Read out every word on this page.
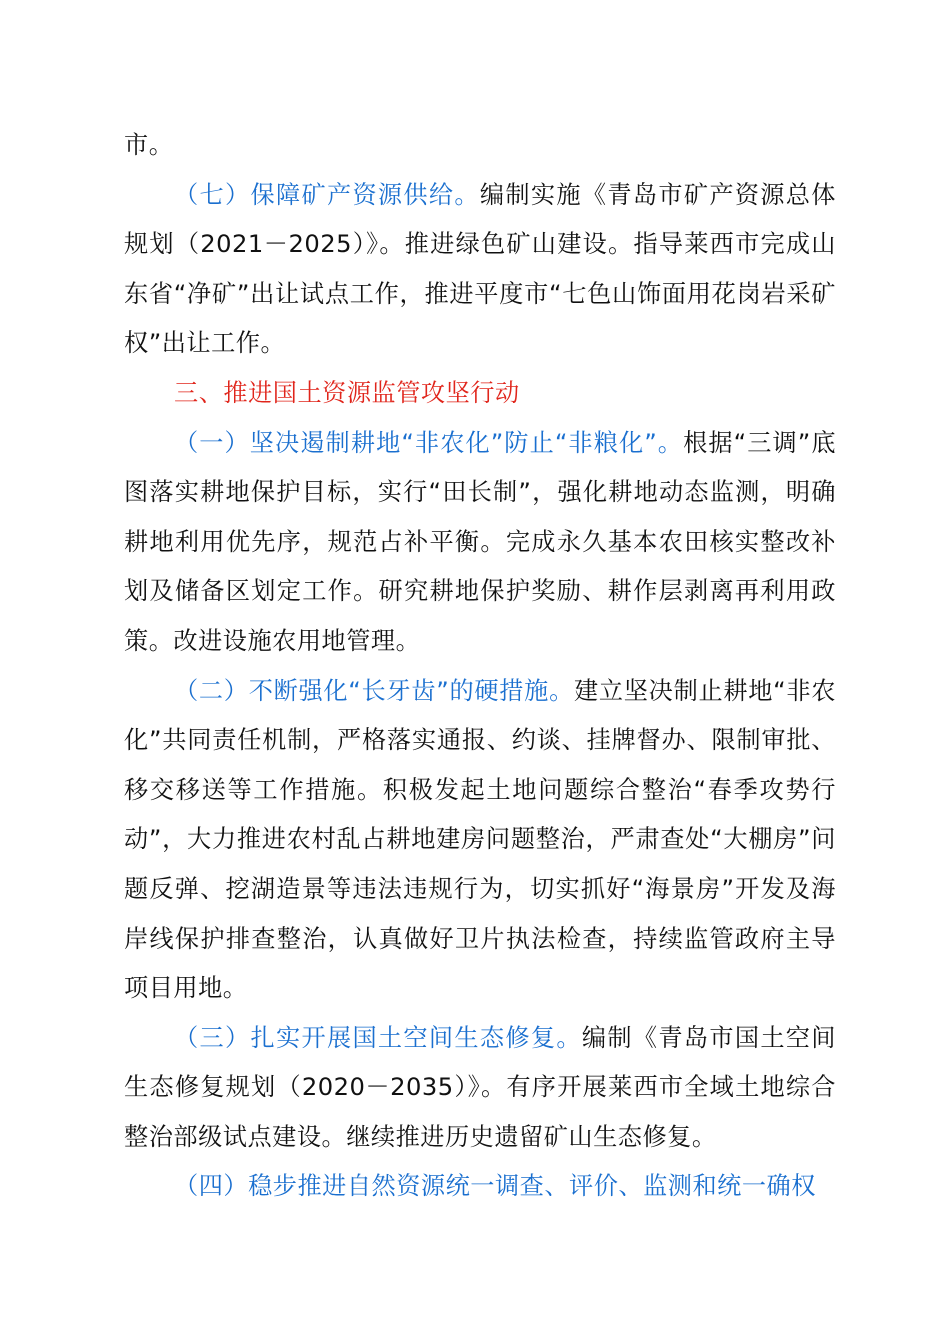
市。

（七）保障矿产资源供给。编制实施《青岛市矿产资源总体规划（2021－2025）》。推进绿色矿山建设。指导莱西市完成山东省“净矿”出让试点工作，推进平度市“七色山饰面用花岗岩采矿权”出让工作。

三、推进国土资源监管攻坚行动

（一）坚决遏制耕地“非农化”防止“非粮化”。根据“三调”底图落实耕地保护目标，实行“田长制”，强化耕地动态监测，明确耕地利用优先序，规范占补平衡。完成永久基本农田核实整改补划及储备区划定工作。研究耕地保护奖励、耕作层剥离再利用政策。改进设施农用地管理。

（二）不断强化“长牙齿”的硬措施。建立坚决制止耕地“非农化”共同责任机制，严格落实通报、约谈、挂牌督办、限制审批、移交移送等工作措施。积极发起土地问题综合整治“春季攻势行动”，大力推进农村乱占耕地建房问题整治，严肃查处“大棚房”问题反弹、挖湖造景等违法违规行为，切实抓好“海景房”开发及海岸线保护排查整治，认真做好卫片执法检查，持续监管政府主导项目用地。

（三）扎实开展国土空间生态修复。编制《青岛市国土空间生态修复规划（2020－2035）》。有序开展莱西市全域土地综合整治部级试点建设。继续推进历史遗留矿山生态修复。

（四）稳步推进自然资源统一调查、评价、监测和统一确权
